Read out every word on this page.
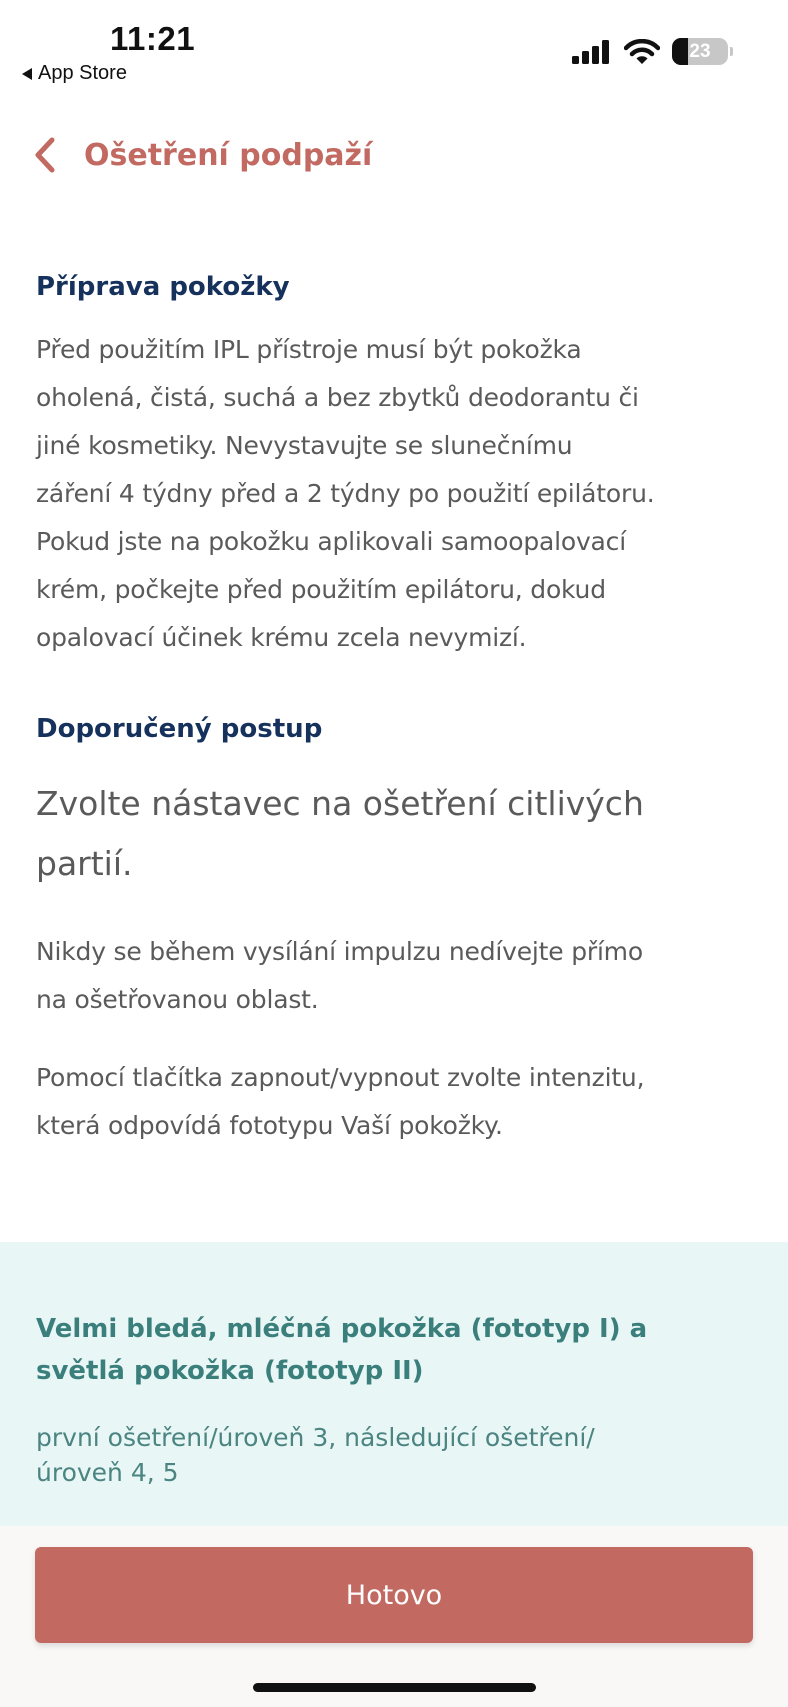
11:21
App Store
23
Ošetření podpaží
Příprava pokožky
Před použitím IPL přístroje musí být pokožka
oholená, čistá, suchá a bez zbytků deodorantu či
jiné kosmetiky. Nevystavujte se slunečnímu
záření 4 týdny před a 2 týdny po použití epilátoru.
Pokud jste na pokožku aplikovali samoopalovací
krém, počkejte před použitím epilátoru, dokud
opalovací účinek krému zcela nevymizí.
Doporučený postup
Zvolte nástavec na ošetření citlivých
partií.
Nikdy se během vysílání impulzu nedívejte přímo
na ošetřovanou oblast.
Pomocí tlačítka zapnout/vypnout zvolte intenzitu,
která odpovídá fototypu Vaší pokožky.
Velmi bledá, mléčná pokožka (fototyp I) a
světlá pokožka (fototyp II)
první ošetření/úroveň 3, následující ošetření/
úroveň 4, 5
Hotovo
